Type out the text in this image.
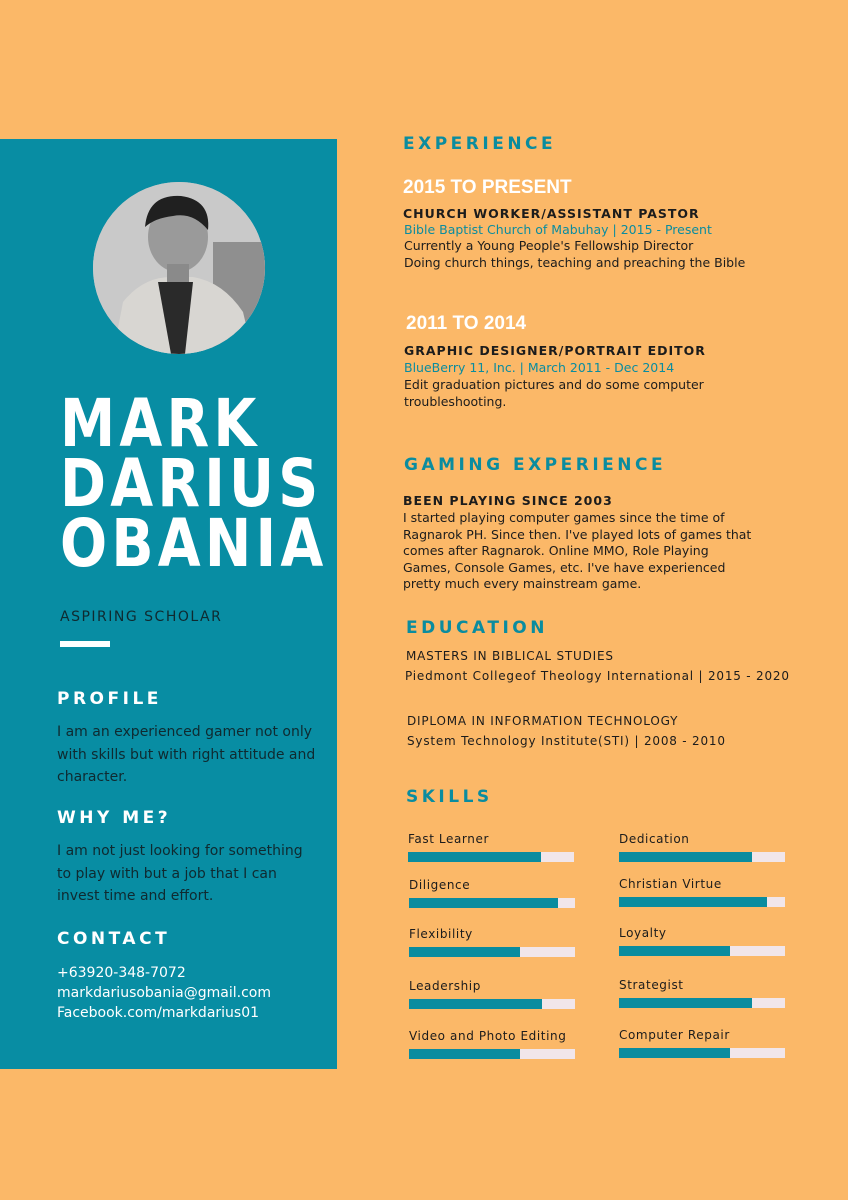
MARK
DARIUS
OBANIA
ASPIRING SCHOLAR
PROFILE
I am an experienced gamer not only with skills but with right attitude and character.
WHY ME?
I am not just looking for something to play with but a job that I can invest time and effort.
CONTACT
+63920-348-7072
markdariusobania@gmail.com
Facebook.com/markdarius01
EXPERIENCE
2015 TO PRESENT
CHURCH WORKER/ASSISTANT PASTOR
Bible Baptist Church of Mabuhay | 2015 - Present
Currently a Young People's Fellowship Director
Doing church things, teaching and preaching the Bible
2011 TO 2014
GRAPHIC DESIGNER/PORTRAIT EDITOR
BlueBerry 11, Inc. | March 2011 - Dec 2014
Edit graduation pictures and do some computer
troubleshooting.
GAMING EXPERIENCE
BEEN PLAYING SINCE 2003
I started playing computer games since the time of Ragnarok PH. Since then. I've played lots of games that comes after Ragnarok. Online MMO, Role Playing Games, Console Games, etc. I've have experienced pretty much every mainstream game.
EDUCATION
MASTERS IN BIBLICAL STUDIES
Piedmont Collegeof Theology International | 2015 - 2020
DIPLOMA IN INFORMATION TECHNOLOGY
System Technology Institute(STI) | 2008 - 2010
SKILLS
Fast Learner
Diligence
Flexibility
Leadership
Video and Photo Editing
Dedication
Christian Virtue
Loyalty
Strategist
Computer Repair
